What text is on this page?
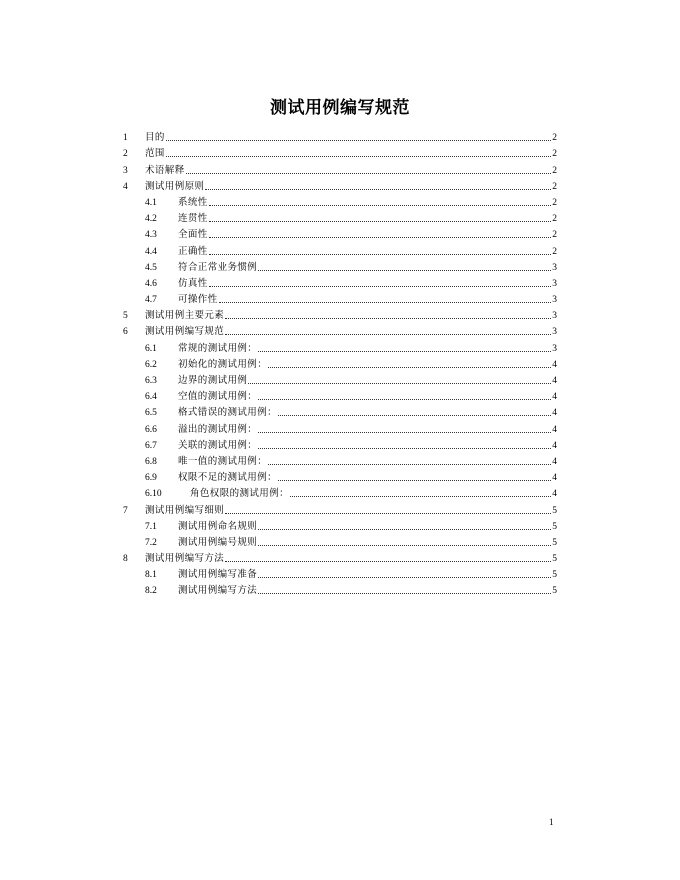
测试用例编写规范
1	目的	2
2	范围	2
3	术语解释	2
4	测试用例原则	2
4.1	系统性	2
4.2	连贯性	2
4.3	全面性	2
4.4	正确性	2
4.5	符合正常业务惯例	3
4.6	仿真性	3
4.7	可操作性	3
5	测试用例主要元素	3
6	测试用例编写规范	3
6.1	常规的测试用例：	3
6.2	初始化的测试用例：	4
6.3	边界的测试用例	4
6.4	空值的测试用例：	4
6.5	格式错误的测试用例：	4
6.6	溢出的测试用例：	4
6.7	关联的测试用例：	4
6.8	唯一值的测试用例：	4
6.9	权限不足的测试用例：	4
6.10	角色权限的测试用例：	4
7	测试用例编写细则	5
7.1	测试用例命名规则	5
7.2	测试用例编号规则	5
8	测试用例编写方法	5
8.1	测试用例编写准备	5
8.2	测试用例编写方法	5
1
